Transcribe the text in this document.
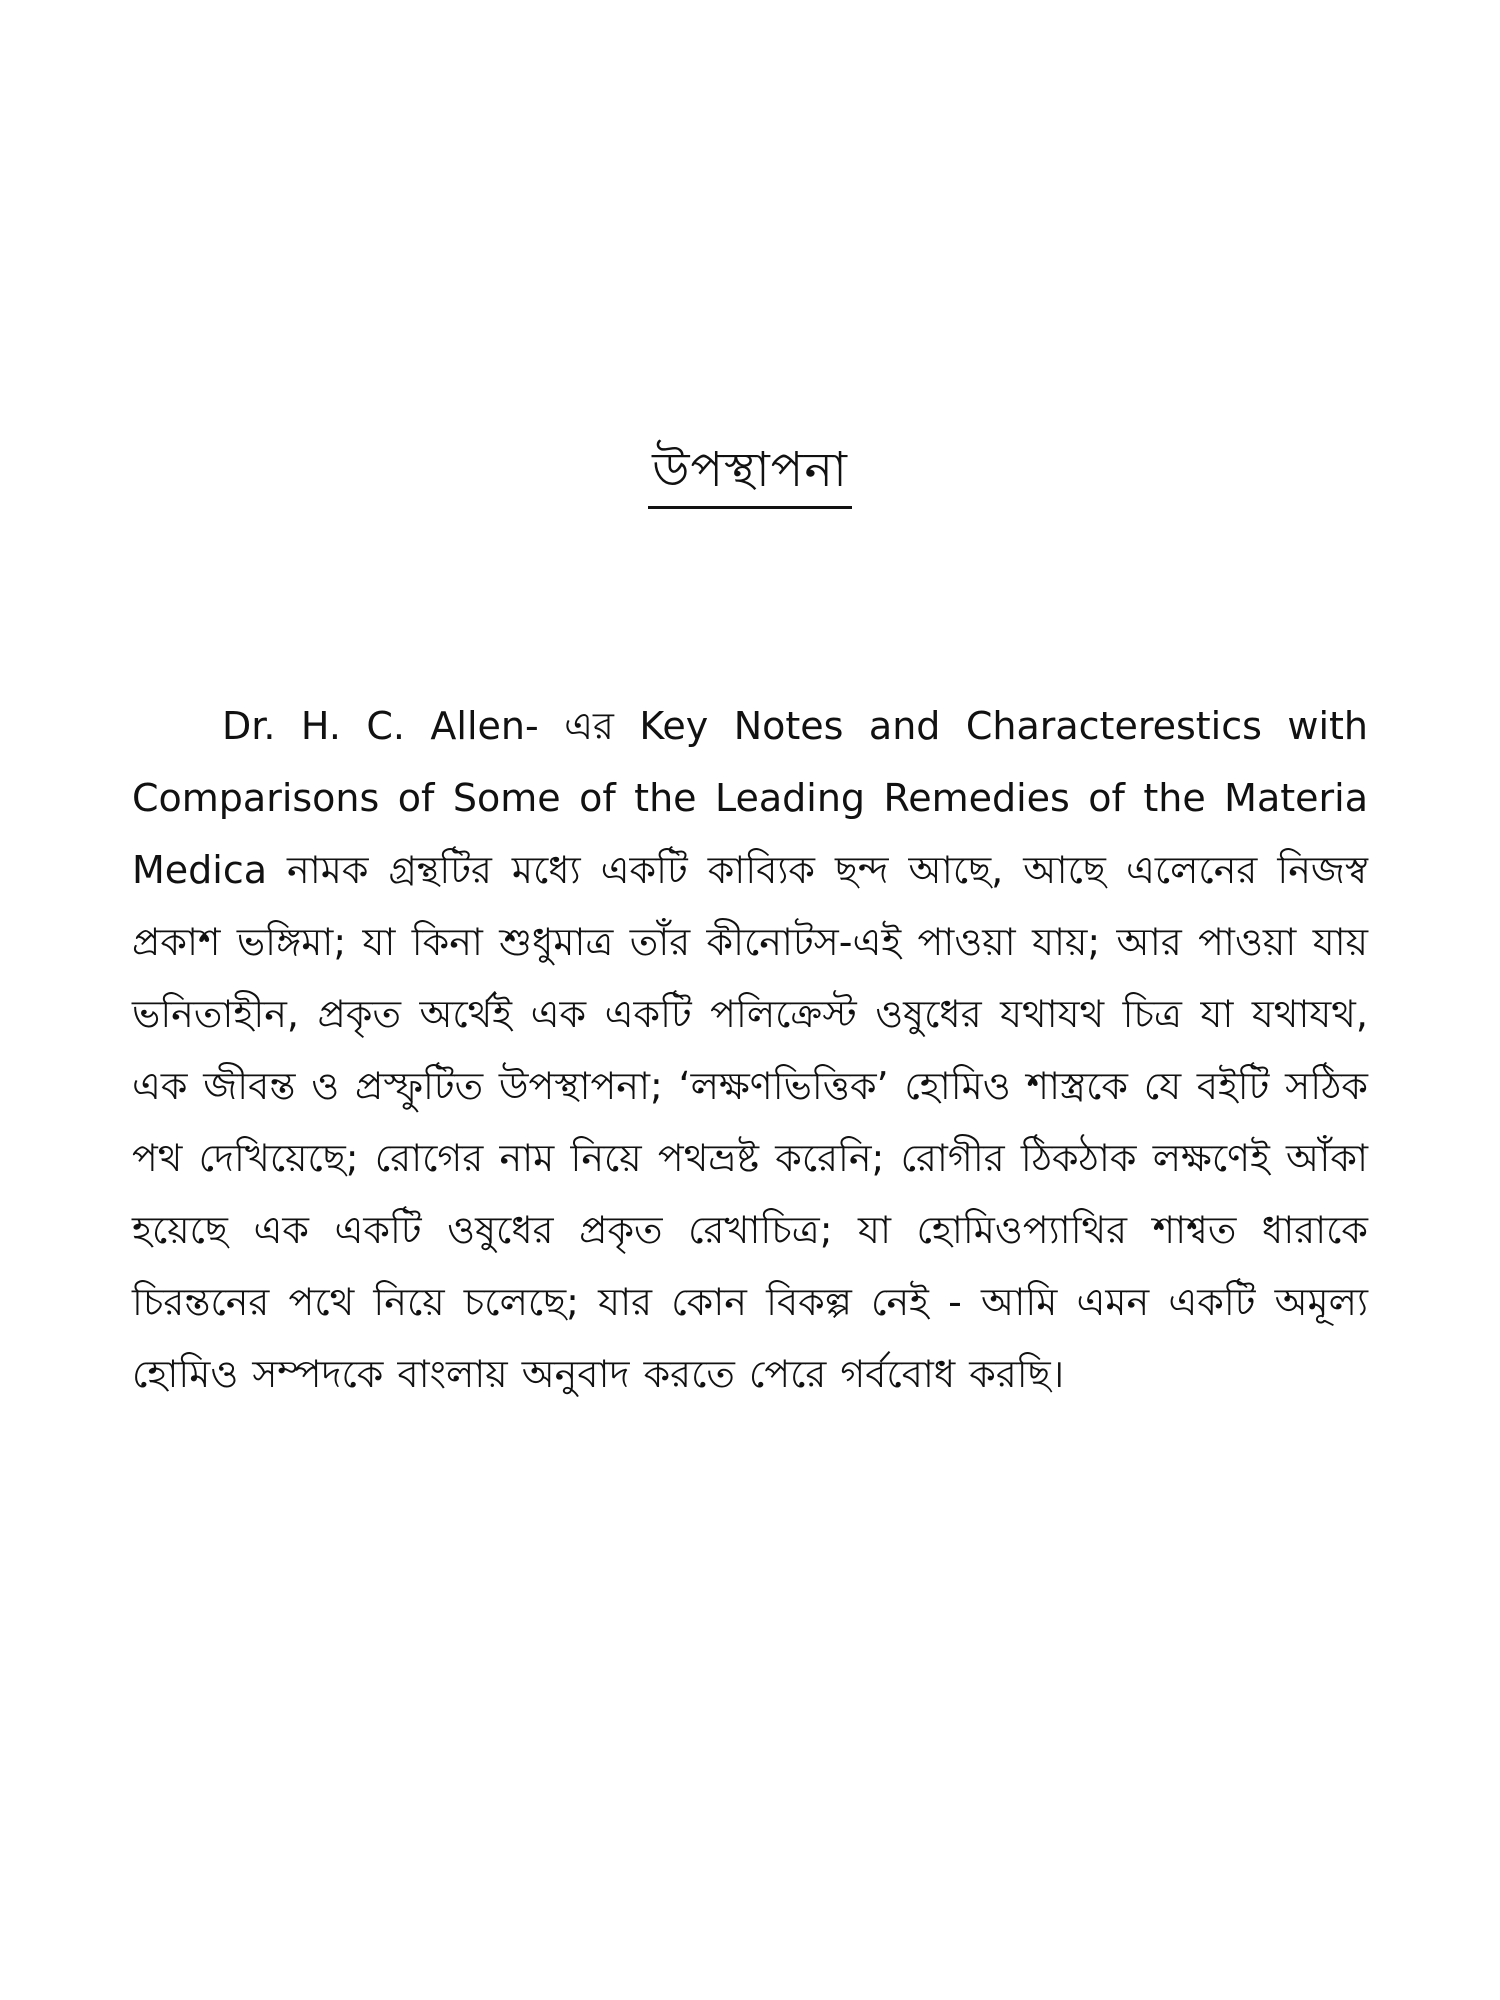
উপস্থাপনা

Dr. H. C. Allen- এর Key Notes and Characterestics with Comparisons of Some of the Leading Remedies of the Materia Medica নামক গ্রন্থটির মধ্যে একটি কাব্যিক ছন্দ আছে, আছে এলেনের নিজস্ব প্রকাশ ভঙ্গিমা; যা কিনা শুধুমাত্র তাঁর কীনোটস-এই পাওয়া যায়; আর পাওয়া যায় ভনিতাহীন, প্রকৃত অর্থেই এক একটি পলিক্রেস্ট ওষুধের যথাযথ চিত্র যা যথাযথ, এক জীবন্ত ও প্রস্ফুটিত উপস্থাপনা; ‘লক্ষণভিত্তিক’ হোমিও শাস্ত্রকে যে বইটি সঠিক পথ দেখিয়েছে; রোগের নাম নিয়ে পথভ্রষ্ট করেনি; রোগীর ঠিকঠাক লক্ষণেই আঁকা হয়েছে এক একটি ওষুধের প্রকৃত রেখাচিত্র; যা হোমিওপ্যাথির শাশ্বত ধারাকে চিরন্তনের পথে নিয়ে চলেছে; যার কোন বিকল্প নেই - আমি এমন একটি অমূল্য হোমিও সম্পদকে বাংলায় অনুবাদ করতে পেরে গর্ববোধ করছি।
